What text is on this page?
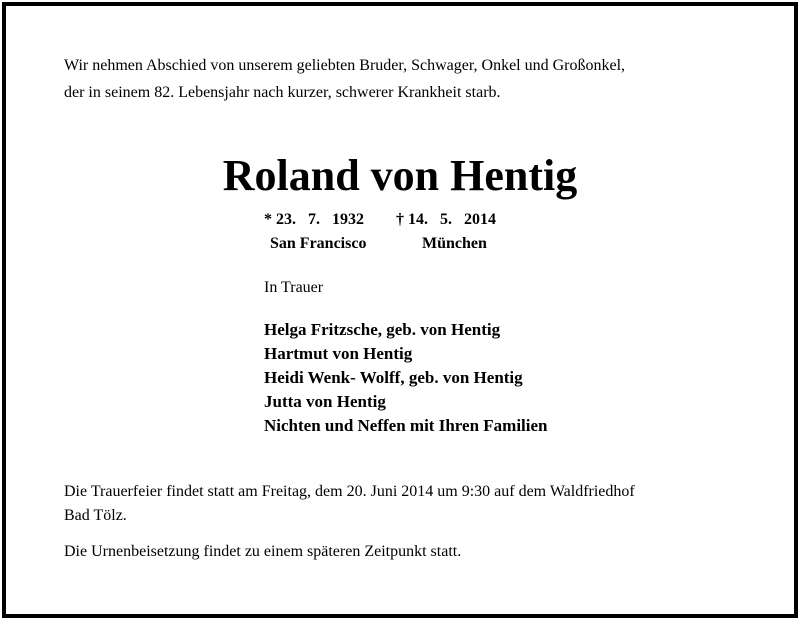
Wir nehmen Abschied von unserem geliebten Bruder, Schwager, Onkel und Großonkel,
der in seinem 82. Lebensjahr nach kurzer, schwerer Krankheit starb.
Roland von Hentig
* 23.   7.   1932
San Francisco
† 14.   5.   2014
München
In Trauer
Helga Fritzsche, geb. von Hentig
Hartmut von Hentig
Heidi Wenk- Wolff, geb. von Hentig
Jutta von Hentig
Nichten und Neffen mit Ihren Familien
Die Trauerfeier findet statt am Freitag, dem 20. Juni 2014 um 9:30 auf dem Waldfriedhof
Bad Tölz.
Die Urnenbeisetzung findet zu einem späteren Zeitpunkt statt.
